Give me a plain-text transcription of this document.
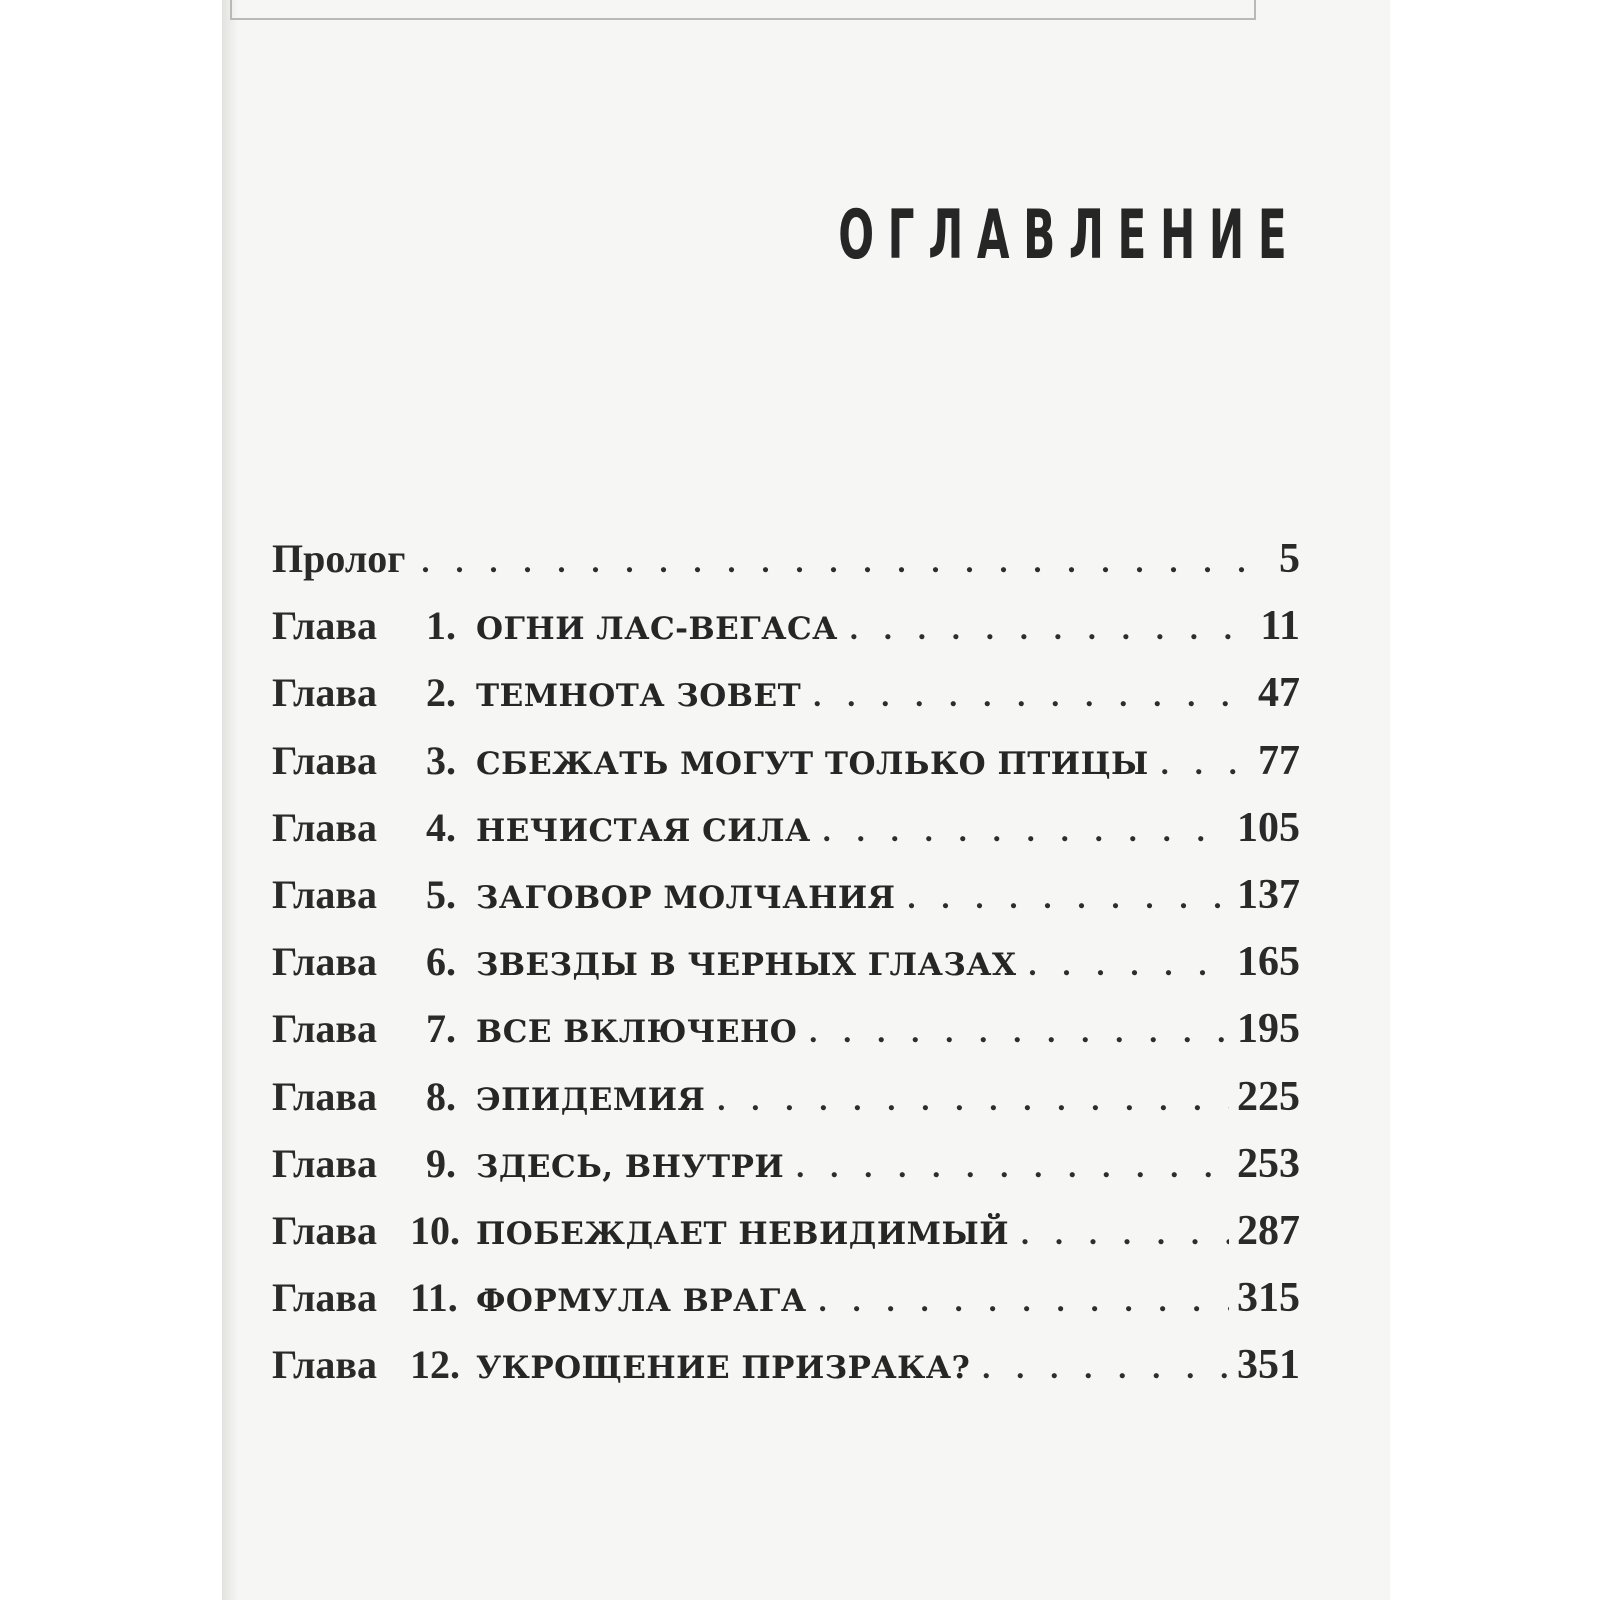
ОГЛАВЛЕНИЕ
Пролог . . .	5
Глава	1. ОГНИ ЛАС-ВЕГАСА . . .	11
Глава	2. ТЕМНОТА ЗОВЕТ . . .	47
Глава	3. СБЕЖАТЬ МОГУТ ТОЛЬКО ПТИЦЫ . . .	77
Глава	4. НЕЧИСТАЯ СИЛА . . .	105
Глава	5. ЗАГОВОР МОЛЧАНИЯ . . .	137
Глава	6. ЗВЕЗДЫ В ЧЕРНЫХ ГЛАЗАХ . . .	165
Глава	7. ВСЕ ВКЛЮЧЕНО . . .	195
Глава	8. ЭПИДЕМИЯ . . .	225
Глава	9. ЗДЕСЬ, ВНУТРИ . . .	253
Глава 10. ПОБЕЖДАЕТ НЕВИДИМЫЙ . . .	287
Глава 11. ФОРМУЛА ВРАГА . . .	315
Глава 12. УКРОЩЕНИЕ ПРИЗРАКА? . . .	351
